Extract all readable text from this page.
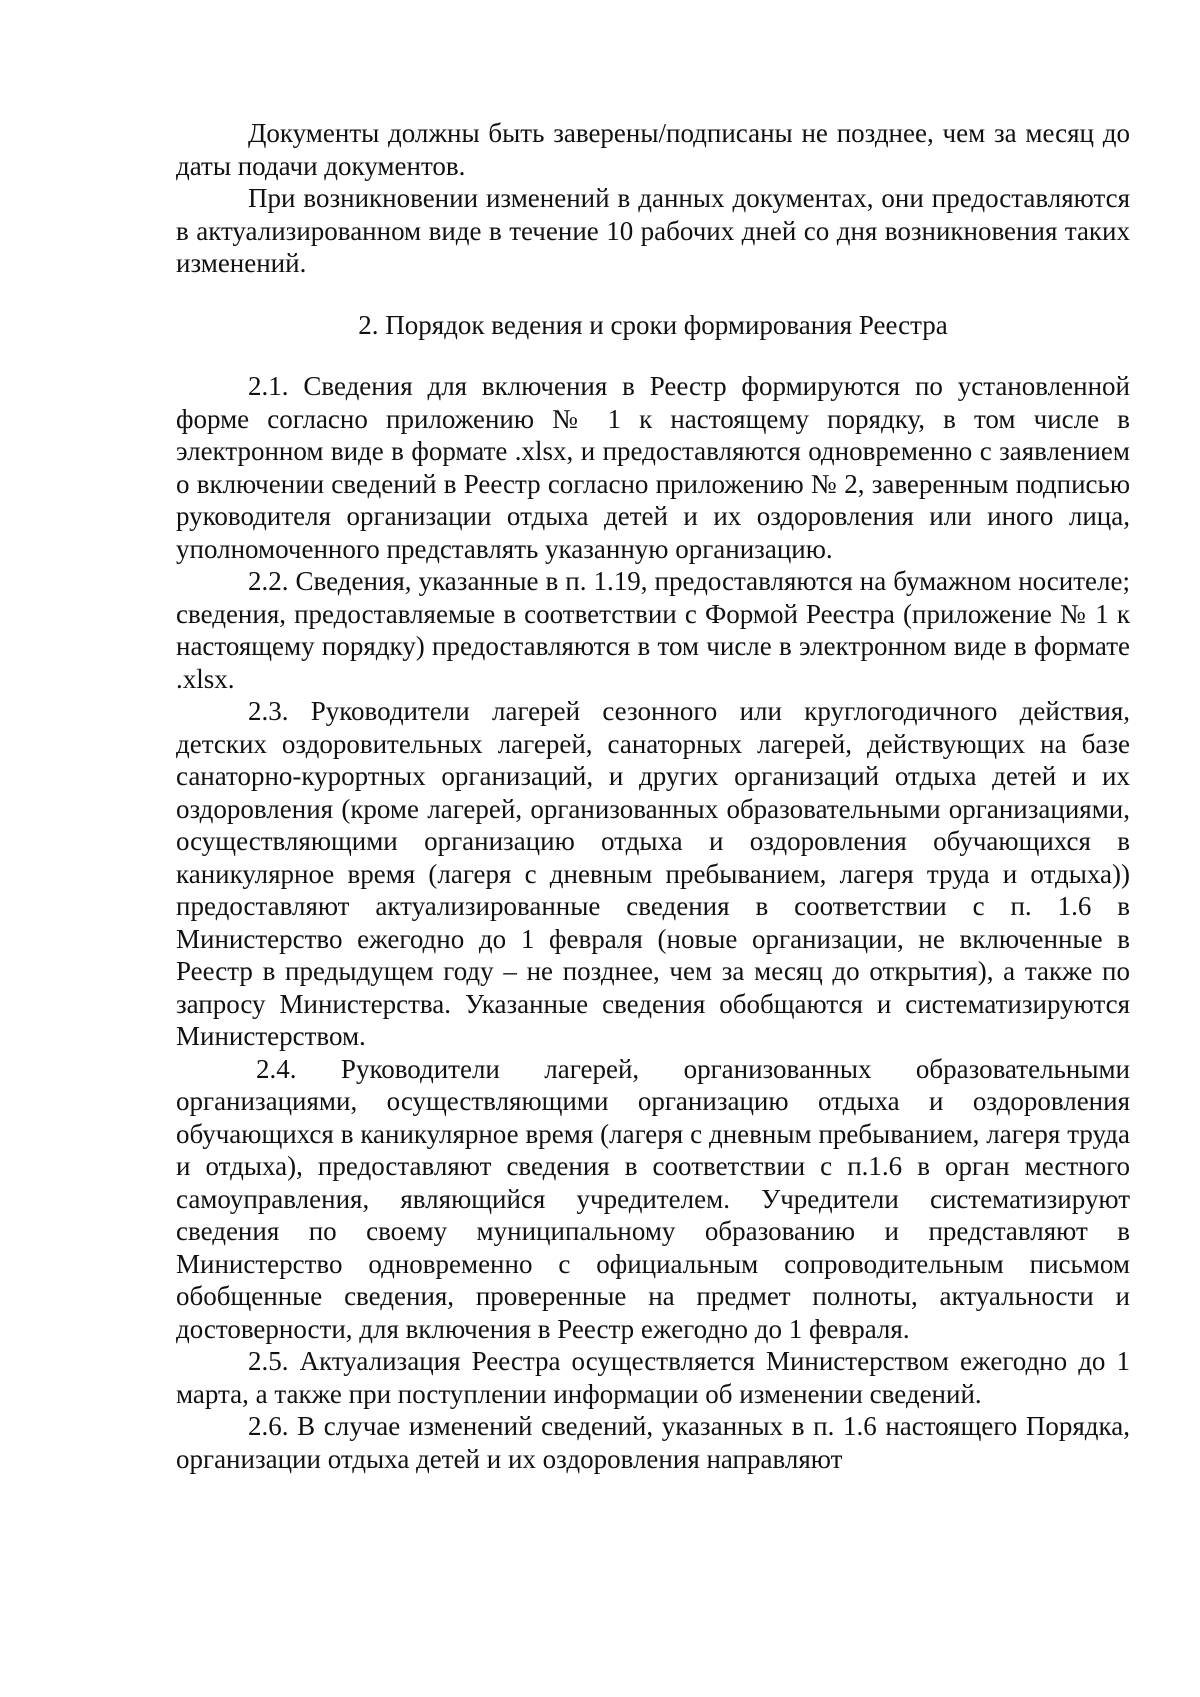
Документы должны быть заверены/подписаны не позднее, чем за месяц до даты подачи документов.

При возникновении изменений в данных документах, они предоставляются в актуализированном виде в течение 10 рабочих дней со дня возникновения таких изменений.

2. Порядок ведения и сроки формирования Реестра

2.1. Сведения для включения в Реестр формируются по установленной форме согласно приложению № 1 к настоящему порядку, в том числе в электронном виде в формате .xlsx, и предоставляются одновременно с заявлением о включении сведений в Реестр согласно приложению № 2, заверенным подписью руководителя организации отдыха детей и их оздоровления или иного лица, уполномоченного представлять указанную организацию.

2.2. Сведения, указанные в п. 1.19, предоставляются на бумажном носителе; сведения, предоставляемые в соответствии с Формой Реестра (приложение № 1 к настоящему порядку) предоставляются в том числе в электронном виде в формате .xlsx.

2.3. Руководители лагерей сезонного или круглогодичного действия, детских оздоровительных лагерей, санаторных лагерей, действующих на базе санаторно-курортных организаций, и других организаций отдыха детей и их оздоровления (кроме лагерей, организованных образовательными организациями, осуществляющими организацию отдыха и оздоровления обучающихся в каникулярное время (лагеря с дневным пребыванием, лагеря труда и отдыха)) предоставляют актуализированные сведения в соответствии с п. 1.6 в Министерство ежегодно до 1 февраля (новые организации, не включенные в Реестр в предыдущем году – не позднее, чем за месяц до открытия), а также по запросу Министерства. Указанные сведения обобщаются и систематизируются Министерством.

2.4. Руководители лагерей, организованных образовательными организациями, осуществляющими организацию отдыха и оздоровления обучающихся в каникулярное время (лагеря с дневным пребыванием, лагеря труда и отдыха), предоставляют сведения в соответствии с п.1.6 в орган местного самоуправления, являющийся учредителем. Учредители систематизируют сведения по своему муниципальному образованию и представляют в Министерство одновременно с официальным сопроводительным письмом обобщенные сведения, проверенные на предмет полноты, актуальности и достоверности, для включения в Реестр ежегодно до 1 февраля.

2.5. Актуализация Реестра осуществляется Министерством ежегодно до 1 марта, а также при поступлении информации об изменении сведений.

2.6. В случае изменений сведений, указанных в п. 1.6 настоящего Порядка, организации отдыха детей и их оздоровления направляют
